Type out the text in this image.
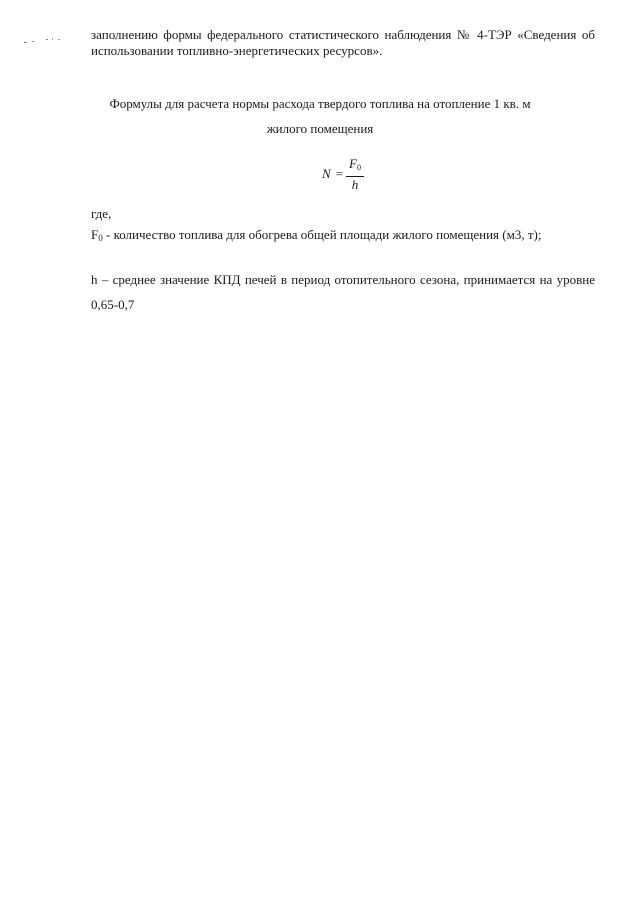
заполнению формы федерального статистического наблюдения № 4-ТЭР «Сведения об
использовании топливно-энергетических ресурсов».
Формулы для расчета нормы расхода твердого топлива на отопление 1 кв. м
жилого помещения
$N = \frac{F_0}{h}$
где,
F0 - количество топлива для обогрева общей площади жилого помещения (м3, т);
h – среднее значение КПД печей в период отопительного сезона, принимается на уровне
0,65-0,7
